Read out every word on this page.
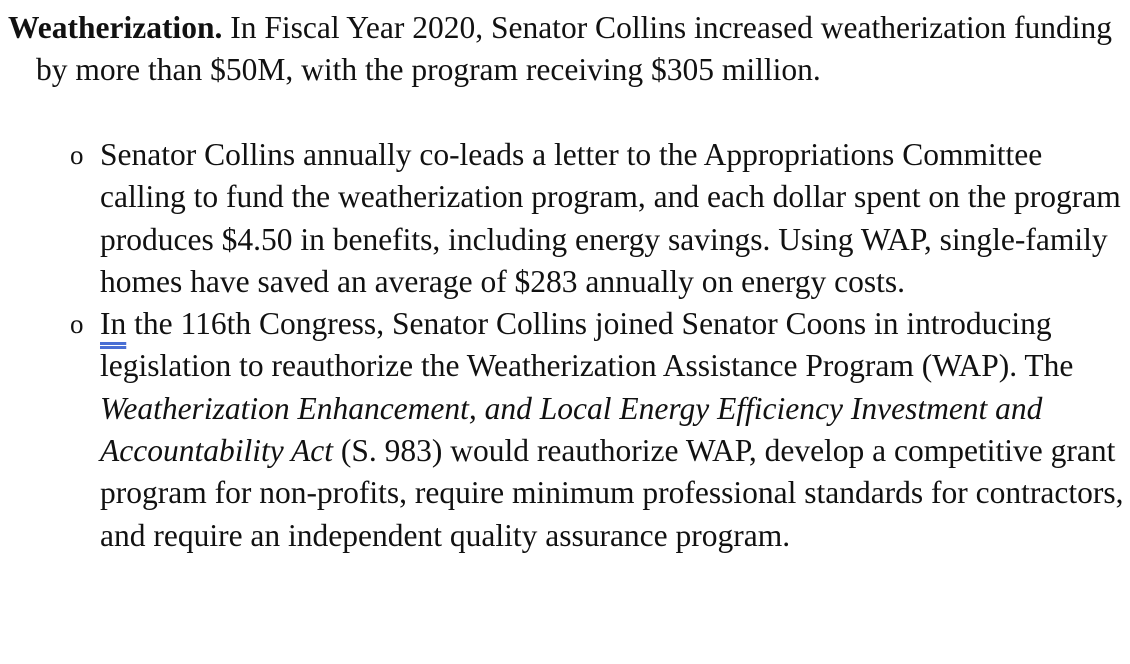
Weatherization. In Fiscal Year 2020, Senator Collins increased weatherization funding by more than $50M, with the program receiving $305 million.

o Senator Collins annually co-leads a letter to the Appropriations Committee calling to fund the weatherization program, and each dollar spent on the program produces $4.50 in benefits, including energy savings. Using WAP, single-family homes have saved an average of $283 annually on energy costs.
o In the 116th Congress, Senator Collins joined Senator Coons in introducing legislation to reauthorize the Weatherization Assistance Program (WAP). The Weatherization Enhancement, and Local Energy Efficiency Investment and Accountability Act (S. 983) would reauthorize WAP, develop a competitive grant program for non-profits, require minimum professional standards for contractors, and require an independent quality assurance program.
